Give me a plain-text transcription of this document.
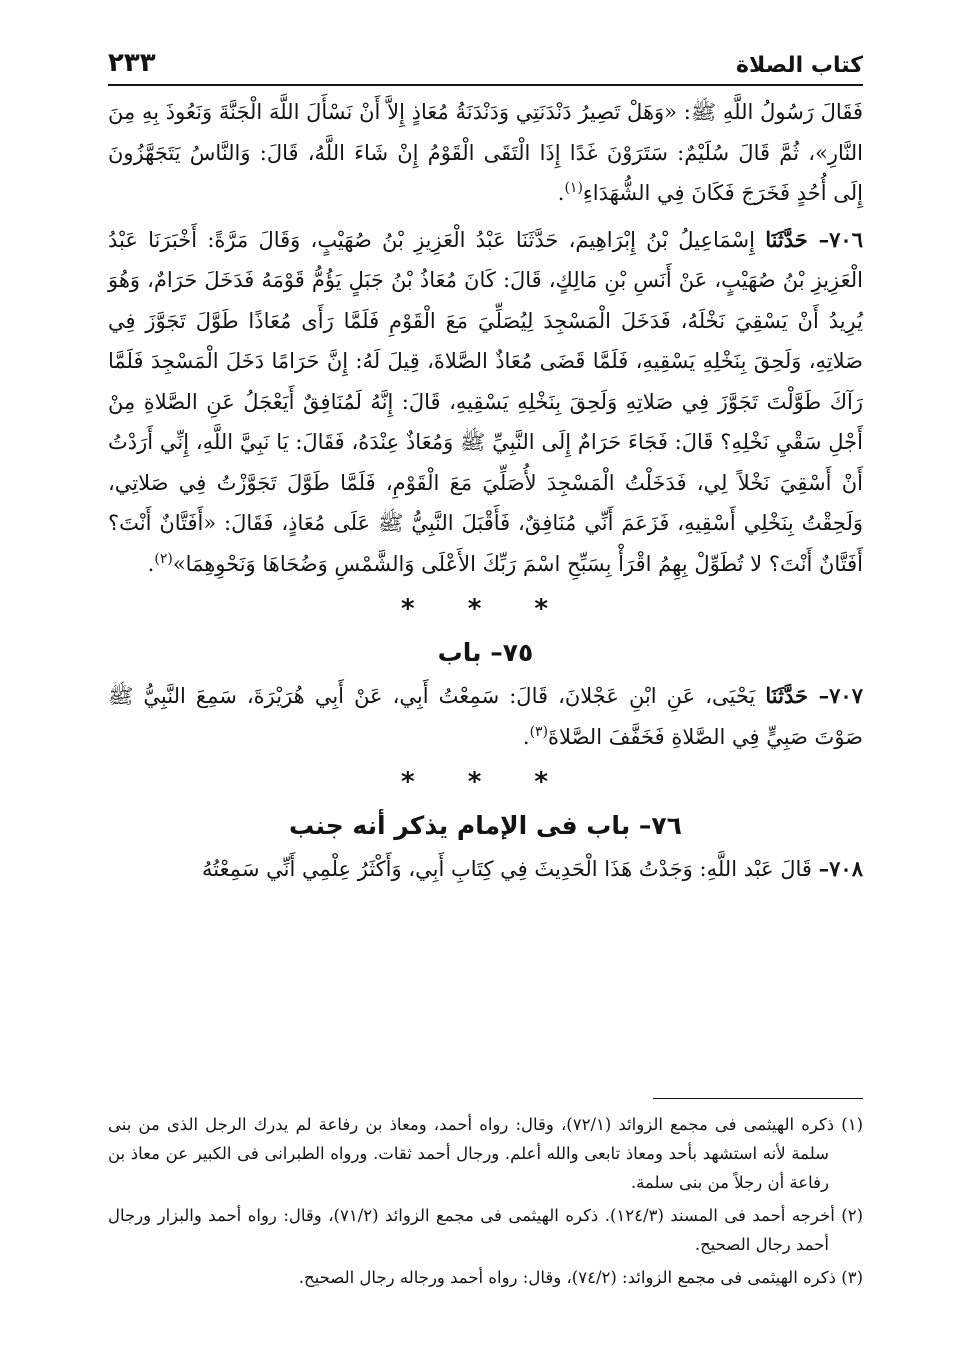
كتاب الصلاة
٢٣٣

فَقَالَ رَسُولُ اللَّهِ ﷺ: «وَهَلْ تَصِيرُ دَنْدَنَتِي وَدَنْدَنَةُ مُعَاذٍ إِلاَّ أَنْ نَسْأَلَ اللَّهَ الْجَنَّةَ وَنَعُوذَ بِهِ مِنَ النَّارِ»، ثُمَّ قَالَ سُلَيْمٌ: سَتَرَوْنَ غَدًا إِذَا الْتَقَى الْقَوْمُ إِنْ شَاءَ اللَّهُ، قَالَ: وَالنَّاسُ يَتَجَهَّزُونَ إِلَى أُحُدٍ فَخَرَجَ فَكَانَ فِي الشُّهَدَاءِ$^{(١)}$.

٧٠٦– حَدَّثَنَا إِسْمَاعِيلُ بْنُ إِبْرَاهِيمَ، حَدَّثَنَا عَبْدُ الْعَزِيزِ بْنُ صُهَيْبٍ، وَقَالَ مَرَّةً: أَخْبَرَنَا عَبْدُ الْعَزِيزِ بْنُ صُهَيْبٍ، عَنْ أَنَسِ بْنِ مَالِكٍ، قَالَ: كَانَ مُعَاذُ بْنُ جَبَلٍ يَؤُمُّ قَوْمَهُ فَدَخَلَ حَرَامٌ، وَهُوَ يُرِيدُ أَنْ يَسْقِيَ نَخْلَهُ، فَدَخَلَ الْمَسْجِدَ لِيُصَلِّيَ مَعَ الْقَوْمِ فَلَمَّا رَأَى مُعَاذًا طَوَّلَ تَجَوَّزَ فِي صَلاتِهِ، وَلَحِقَ بِنَخْلِهِ يَسْقِيهِ، فَلَمَّا قَضَى مُعَاذٌ الصَّلاةَ، قِيلَ لَهُ: إِنَّ حَرَامًا دَخَلَ الْمَسْجِدَ فَلَمَّا رَآكَ طَوَّلْتَ تَجَوَّزَ فِي صَلاتِهِ وَلَحِقَ بِنَخْلِهِ يَسْقِيهِ، قَالَ: إِنَّهُ لَمُنَافِقٌ أَيَعْجَلُ عَنِ الصَّلاةِ مِنْ أَجْلِ سَقْيِ نَخْلِهِ؟ قَالَ: فَجَاءَ حَرَامٌ إِلَى النَّبِيِّ ﷺ وَمُعَاذٌ عِنْدَهُ، فَقَالَ: يَا نَبِيَّ اللَّهِ، إِنِّي أَرَدْتُ أَنْ أَسْقِيَ نَخْلاً لِي، فَدَخَلْتُ الْمَسْجِدَ لأُصَلِّيَ مَعَ الْقَوْمِ، فَلَمَّا طَوَّلَ تَجَوَّزْتُ فِي صَلاتِي، وَلَحِقْتُ بِنَخْلِي أَسْقِيهِ، فَزَعَمَ أَنِّي مُنَافِقٌ، فَأَقْبَلَ النَّبِيُّ ﷺ عَلَى مُعَاذٍ، فَقَالَ: «أَفَتَّانٌ أَنْتَ؟ أَفَتَّانٌ أَنْتَ؟ لا تُطَوِّلْ بِهِمُ اقْرَأْ بِسَبِّحِ اسْمَ رَبِّكَ الأَعْلَى وَالشَّمْسِ وَضُحَاهَا وَنَحْوِهِمَا»$^{(٢)}$.

* * *
٧٥– باب

٧٠٧– حَدَّثَنَا يَحْيَى، عَنِ ابْنِ عَجْلانَ، قَالَ: سَمِعْتُ أَبِي، عَنْ أَبِي هُرَيْرَةَ، سَمِعَ النَّبِيُّ ﷺ صَوْتَ صَبِيٍّ فِي الصَّلاةِ فَخَفَّفَ الصَّلاةَ$^{(٣)}$.

* * *
٧٦– باب فى الإمام يذكر أنه جنب

٧٠٨– قَالَ عَبْد اللَّهِ: وَجَدْتُ هَذَا الْحَدِيثَ فِي كِتَابِ أَبِي، وَأَكْثَرُ عِلْمِي أَنِّي سَمِعْتُهُ

(١) ذكره الهيثمى فى مجمع الزوائد (٧٢/١)، وقال: رواه أحمد، ومعاذ بن رفاعة لم يدرك الرجل الذى من بنى سلمة لأنه استشهد بأحد ومعاذ تابعى والله أعلم. ورجال أحمد ثقات. ورواه الطبرانى فى الكبير عن معاذ بن رفاعة أن رجلاً من بنى سلمة.

(٢) أخرجه أحمد فى المسند (١٢٤/٣). ذكره الهيثمى فى مجمع الزوائد (٧١/٢)، وقال: رواه أحمد والبزار ورجال أحمد رجال الصحيح.

(٣) ذكره الهيثمى فى مجمع الزوائد: (٧٤/٢)، وقال: رواه أحمد ورجاله رجال الصحيح.
